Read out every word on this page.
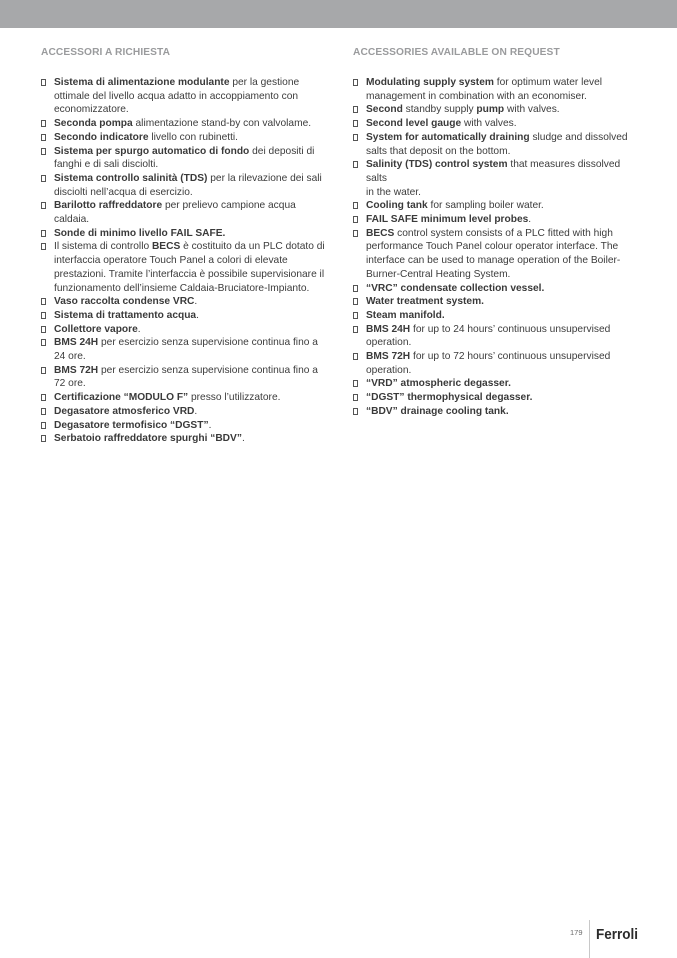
ACCESSORI A RICHIESTA
Sistema di alimentazione modulante per la gestione ottimale del livello acqua adatto in accoppiamento con economizzatore.
Seconda pompa alimentazione stand-by con valvolame.
Secondo indicatore livello con rubinetti.
Sistema per spurgo automatico di fondo dei depositi di fanghi e di sali disciolti.
Sistema controllo salinità (TDS) per la rilevazione dei sali disciolti nell’acqua di esercizio.
Barilotto raffreddatore per prelievo campione acqua caldaia.
Sonde di minimo livello FAIL SAFE.
Il sistema di controllo BECS è costituito da un PLC dotato di interfaccia operatore Touch Panel a colori di elevate prestazioni. Tramite l’interfaccia è possibile supervisionare il funzionamento dell’insieme Caldaia-Bruciatore-Impianto.
Vaso raccolta condense VRC.
Sistema di trattamento acqua.
Collettore vapore.
BMS 24H per esercizio senza supervisione continua fino a 24 ore.
BMS 72H per esercizio senza supervisione continua fino a 72 ore.
Certificazione “MODULO F” presso l’utilizzatore.
Degasatore atmosferico VRD.
Degasatore termofisico “DGST”.
Serbatoio raffreddatore spurghi “BDV”.
ACCESSORIES AVAILABLE ON REQUEST
Modulating supply system for optimum water level management in combination with an economiser.
Second standby supply pump with valves.
Second level gauge with valves.
System for automatically draining sludge and dissolved salts that deposit on the bottom.
Salinity (TDS) control system that measures dissolved salts
in the water.
Cooling tank for sampling boiler water.
FAIL SAFE minimum level probes.
BECS control system consists of a PLC fitted with high performance Touch Panel colour operator interface. The interface can be used to manage operation of the Boiler-Burner-Central Heating System.
“VRC” condensate collection vessel.
Water treatment system.
Steam manifold.
BMS 24H for up to 24 hours’ continuous unsupervised operation.
BMS 72H for up to 72 hours’ continuous unsupervised operation.
“VRD” atmospheric degasser.
“DGST” thermophysical degasser.
“BDV” drainage cooling tank.
179 Ferroli
